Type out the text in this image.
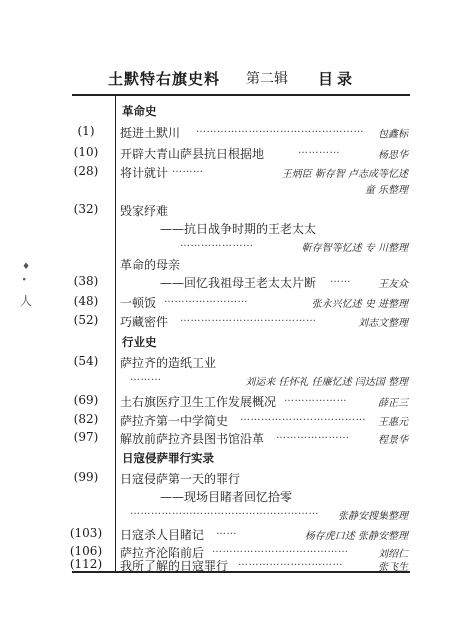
土默特右旗史料 第二辑 目录
♦
∙
人
革命史
(1)	挺进土默川 ………………………………………… 包鑫标
(10)	开辟大青山萨县抗日根据地	…………	杨思华
(28)	将计就计 ………	王炳臣 靳存智 卢志成等忆述
童 乐整理
(32)	毁家纾难
——抗日战争时期的王老太太
…………………	靳存智等忆述 专 川整理
革命的母亲
(38)	——回忆我祖母王老太太片断 ……	王友众
(48)	一顿饭 ……………………	张永兴忆述 史 进整理
(52)	巧藏密件 …………………………………	刘志文整理
行业史
(54)	萨拉齐的造纸工业
………	刘运来 任怀礼 任廉忆述 闫达国 整理
(69)	土右旗医疗卫生工作发展概况 ………………	薛正三
(82)	萨拉齐第一中学简史 ……………………………… 王惠元
(97)	解放前萨拉齐县图书馆沿革 …………………	程景华
日寇侵萨罪行实录
(99)	日寇侵萨第一天的罪行
——现场目睹者回忆拾零
……………………………………………… 张静安搜集整理
(103)	日寇杀人目睹记 ……	杨存虎口述 张静安整理
(106)	萨拉齐沦陷前后 …………………………………	刘绍仁
(112)	我所了解的日寇罪行 …………………………	张飞生
